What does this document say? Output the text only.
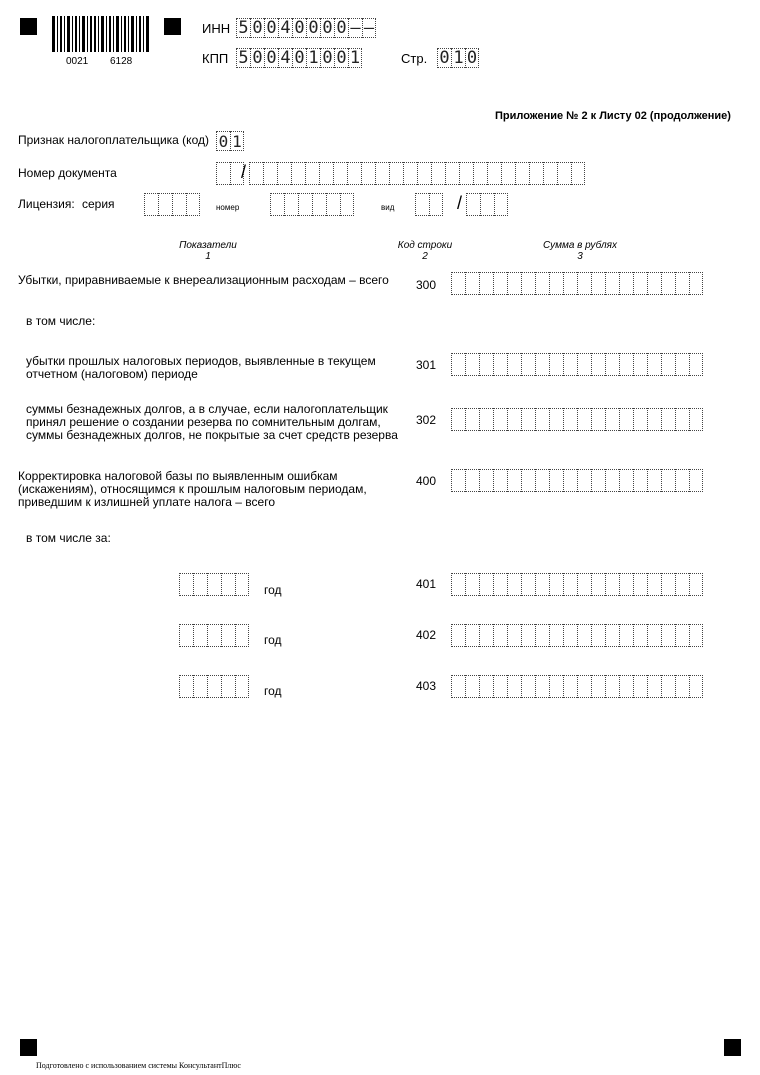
0021 6128
ИНН 5 0 0 4 0 0 0 0 – –
КПП 5 0 0 4 0 1 0 0 1	Стр. 0 1 0
Приложение № 2 к Листу 02 (продолжение)
Признак налогоплательщика (код) 0 1
Номер документа	/
Лицензия: серия	номер	вид	/
Показатели
1
Код строки
2
Сумма в рублях
3
Убытки, приравниваемые к внереализационным расходам – всего 300
в том числе:
убытки прошлых налоговых периодов, выявленные в текущем
отчетном (налоговом) периоде
301
суммы безнадежных долгов, а в случае, если налогоплательщик
принял решение о создании резерва по сомнительным долгам,
суммы безнадежных долгов, не покрытые за счет средств резерва
302
Корректировка налоговой базы по выявленным ошибкам
(искажениям), относящимся к прошлым налоговым периодам,
приведшим к излишней уплате налога – всего
400
в том числе за:
год	401
год	402
год	403
Подготовлено с использованием системы КонсультантПлюс
